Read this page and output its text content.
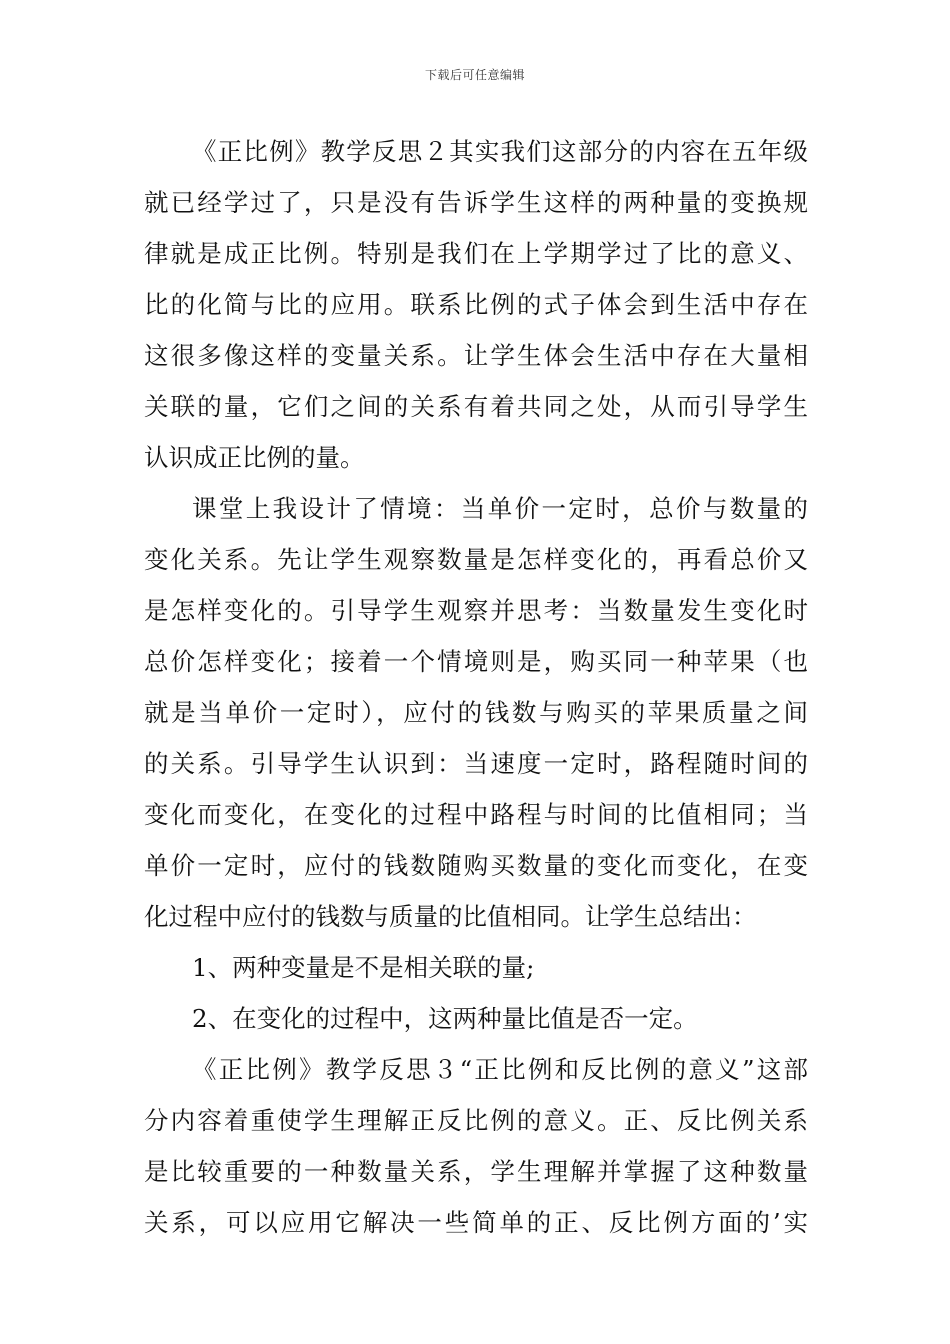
下载后可任意编辑
《正比例》教学反思２其实我们这部分的内容在五年级
就已经学过了，只是没有告诉学生这样的两种量的变换规
律就是成正比例。特别是我们在上学期学过了比的意义、
比的化简与比的应用。联系比例的式子体会到生活中存在
这很多像这样的变量关系。让学生体会生活中存在大量相
关联的量，它们之间的关系有着共同之处，从而引导学生
认识成正比例的量。
课堂上我设计了情境：当单价一定时，总价与数量的
变化关系。先让学生观察数量是怎样变化的，再看总价又
是怎样变化的。引导学生观察并思考：当数量发生变化时
总价怎样变化；接着一个情境则是，购买同一种苹果（也
就是当单价一定时），应付的钱数与购买的苹果质量之间
的关系。引导学生认识到：当速度一定时，路程随时间的
变化而变化，在变化的过程中路程与时间的比值相同；当
单价一定时，应付的钱数随购买数量的变化而变化，在变
化过程中应付的钱数与质量的比值相同。让学生总结出：
1、两种变量是不是相关联的量;
2、在变化的过程中，这两种量比值是否一定。
《正比例》教学反思３“正比例和反比例的意义”这部
分内容着重使学生理解正反比例的意义。正、反比例关系
是比较重要的一种数量关系，学生理解并掌握了这种数量
关系，可以应用它解决一些简单的正、反比例方面的’实
